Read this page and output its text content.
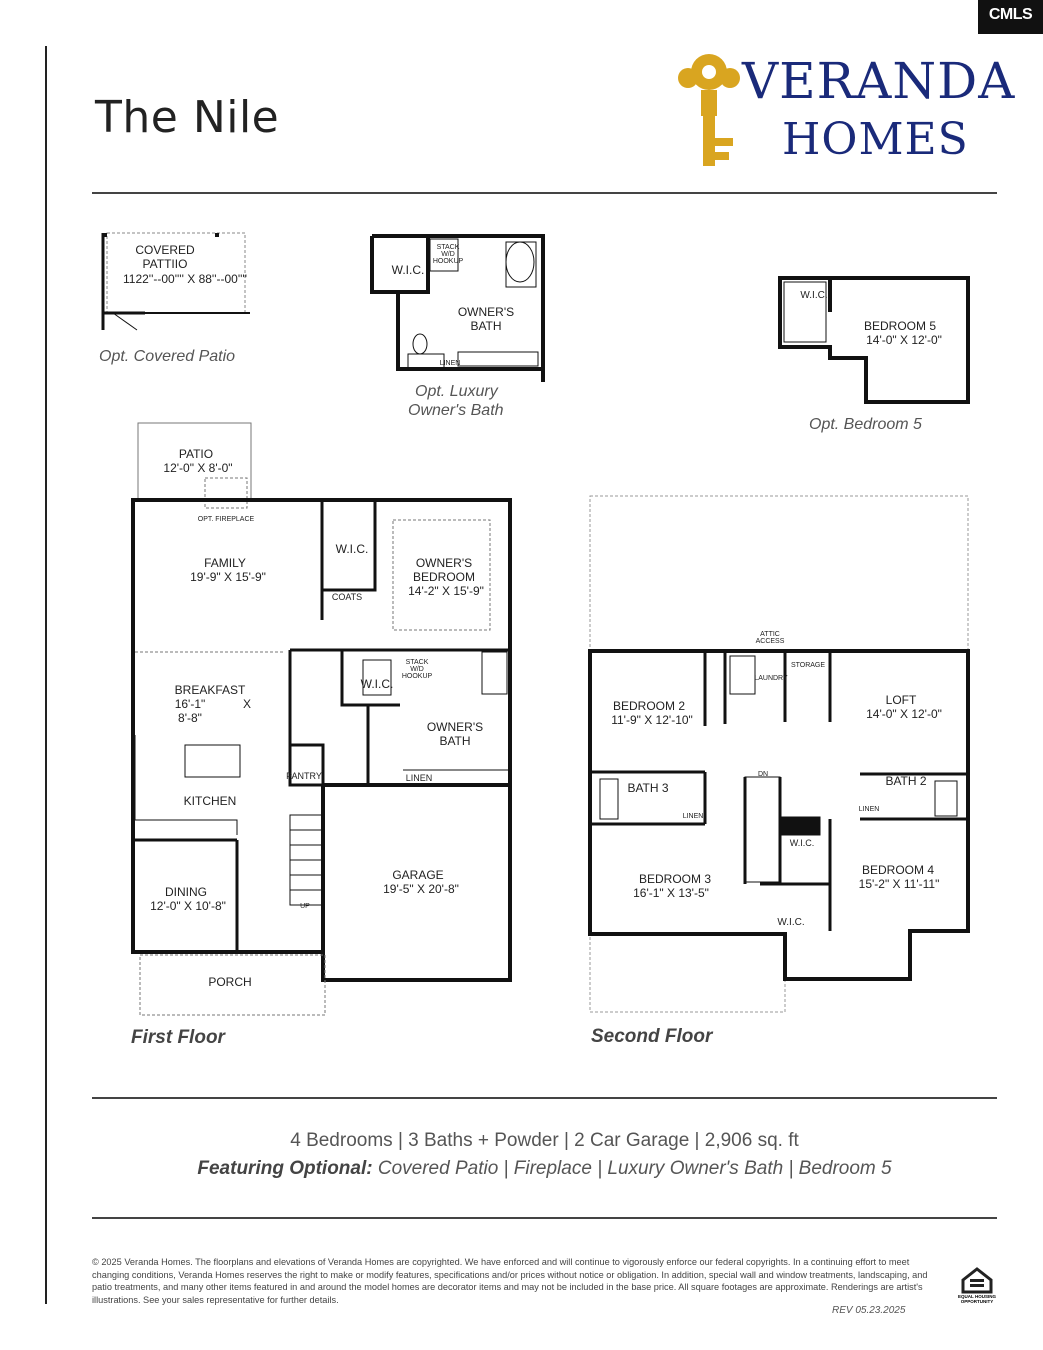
CMLS
The Nile
VERANDA
HOMES
COVERED
PATTIIO
1122''--00'''' X 88''--00''''
Opt. Covered Patio
W.I.C.
STACK
W/D
HOOKUP
OWNER'S
BATH
LINEN
Opt. Luxury
Owner's Bath
W.I.C.
BEDROOM 5
14'-0" X 12'-0"
Opt. Bedroom 5
PATIO
12'-0" X 8'-0"
OPT. FIREPLACE
FAMILY
19'-9" X 15'-9"
W.I.C.
COATS
OWNER'S
BEDROOM
14'-2" X 15'-9"
BREAKFAST
16'-1"	X
8'-8"
W.I.C.
STACK
W/D
HOOKUP
OWNER'S
BATH
KITCHEN
PANTRY	LINEN
DINING
12'-0" X 10'-8"	UP
GARAGE
19'-5" X 20'-8"
PORCH
First Floor
ATTIC
ACCESS
BEDROOM 2
11'-9" X 12'-10"
LAUNDRY
STORAGE
LOFT
14'-0" X 12'-0"
BATH 3
LINEN
DN	BATH 2
LINEN
W.I.C.
BEDROOM 3
16'-1" X 13'-5"
BEDROOM 4
15'-2" X 11'-11"
W.I.C.
Second Floor
4 Bedrooms | 3 Baths + Powder | 2 Car Garage | 2,906 sq. ft
Featuring Optional: Covered Patio | Fireplace | Luxury Owner's Bath | Bedroom 5
© 2025 Veranda Homes. The floorplans and elevations of Veranda Homes are copyrighted. We have enforced and will continue to vigorously enforce our federal copyrights. In a continuing effort to meet changing conditions, Veranda Homes reserves the right to make or modify features, specifications and/or prices without notice or obligation. In addition, special wall and window treatments, landscaping, and patio treatments, and many other items featured in and around the model homes are decorator items and may not be included in the base price. All square footages are approximate. Renderings are artist's illustrations. See your sales representative for further details.
REV 05.23.2025
EQUAL HOUSING
OPPORTUNITY
